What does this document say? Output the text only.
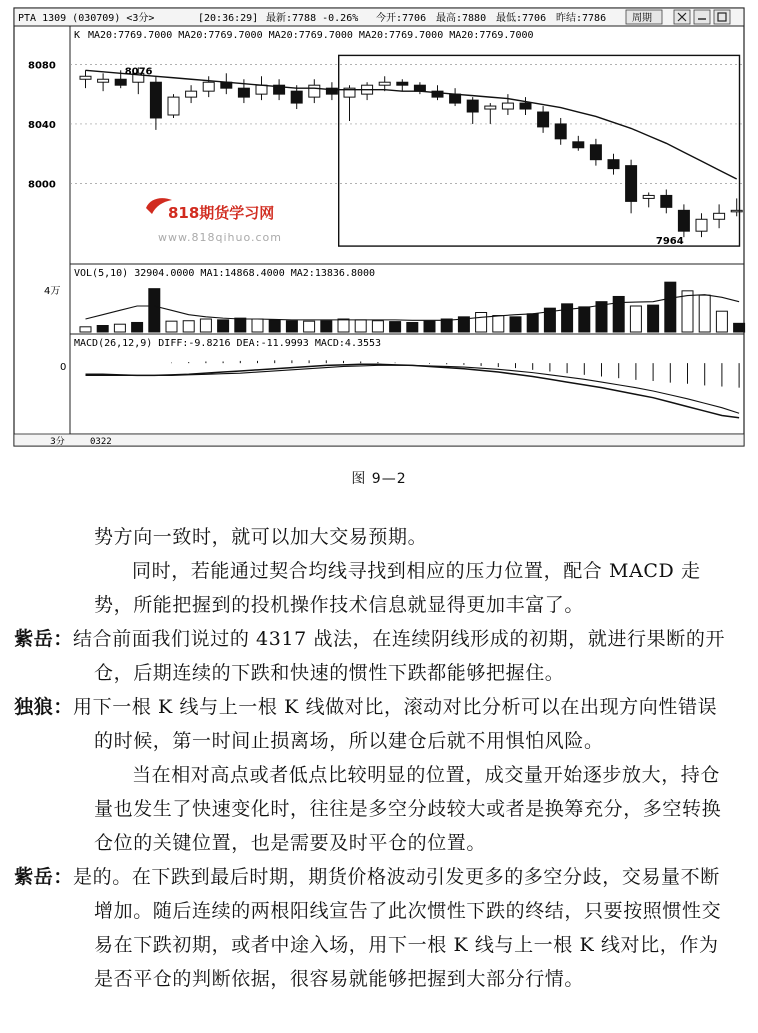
PTA 1309 (030709) <3分>	[20:36:29] 最新:7788 -0.26% 今开:7706 最高:7880 最低:7706 昨结:7786	周期
K MA20:7769.7000 MA20:7769.7000 MA20:7769.7000 MA20:7769.7000 MA20:7769.7000
8080
8040
8000
8076
7964
818期货学习网
www.818qihuo.com
VOL(5,10) 32904.0000 MA1:14868.4000 MA2:13836.8000
4万
MACD(26,12,9) DIFF:-9.8216 DEA:-11.9993 MACD:4.3553
0
3分	0322
图 9—2
势方向一致时，就可以加大交易预期。
同时，若能通过契合均线寻找到相应的压力位置，配合 MACD 走势，所能把握到的投机操作技术信息就显得更加丰富了。
紫岳：结合前面我们说过的 4317 战法，在连续阴线形成的初期，就进行果断的开仓，后期连续的下跌和快速的惯性下跌都能够把握住。
独狼：用下一根 K 线与上一根 K 线做对比，滚动对比分析可以在出现方向性错误的时候，第一时间止损离场，所以建仓后就不用惧怕风险。
当在相对高点或者低点比较明显的位置，成交量开始逐步放大，持仓量也发生了快速变化时，往往是多空分歧较大或者是换筹充分，多空转换仓位的关键位置，也是需要及时平仓的位置。
紫岳：是的。在下跌到最后时期，期货价格波动引发更多的多空分歧，交易量不断增加。随后连续的两根阳线宣告了此次惯性下跌的终结，只要按照惯性交易在下跌初期，或者中途入场，用下一根 K 线与上一根 K 线对比，作为是否平仓的判断依据，很容易就能够把握到大部分行情。
